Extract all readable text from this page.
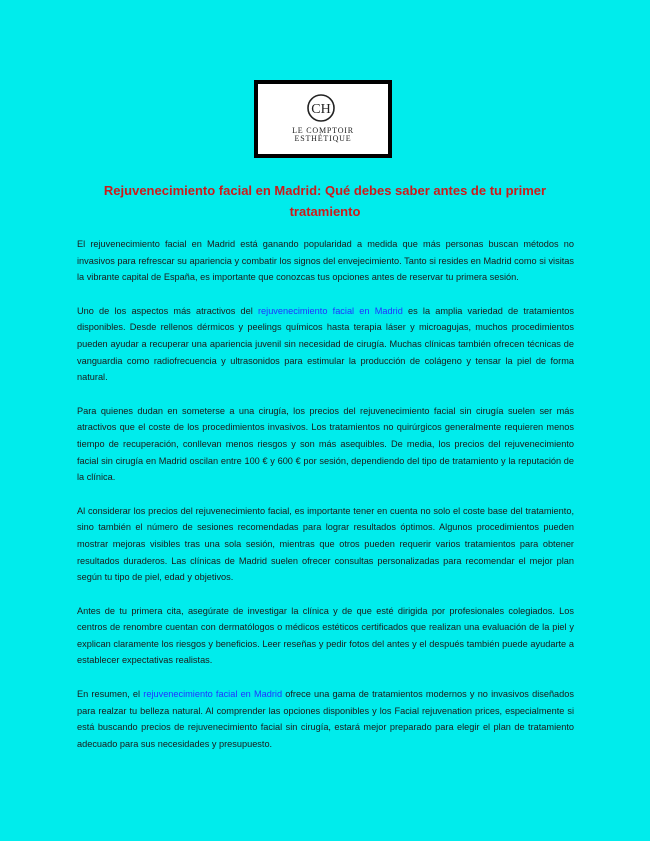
CH

LE COMPTOIR

ESTHÉTIQUE

Rejuvenecimiento facial en Madrid: Qué debes saber antes de tu primer tratamiento

El rejuvenecimiento facial en Madrid está ganando popularidad a medida que más personas buscan métodos no invasivos para refrescar su apariencia y combatir los signos del envejecimiento. Tanto si resides en Madrid como si visitas la vibrante capital de España, es importante que conozcas tus opciones antes de reservar tu primera sesión.

Uno de los aspectos más atractivos del rejuvenecimiento facial en Madrid es la amplia variedad de tratamientos disponibles. Desde rellenos dérmicos y peelings químicos hasta terapia láser y microagujas, muchos procedimientos pueden ayudar a recuperar una apariencia juvenil sin necesidad de cirugía. Muchas clínicas también ofrecen técnicas de vanguardia como radiofrecuencia y ultrasonidos para estimular la producción de colágeno y tensar la piel de forma natural.

Para quienes dudan en someterse a una cirugía, los precios del rejuvenecimiento facial sin cirugía suelen ser más atractivos que el coste de los procedimientos invasivos. Los tratamientos no quirúrgicos generalmente requieren menos tiempo de recuperación, conllevan menos riesgos y son más asequibles. De media, los precios del rejuvenecimiento facial sin cirugía en Madrid oscilan entre 100 € y 600 € por sesión, dependiendo del tipo de tratamiento y la reputación de la clínica.

Al considerar los precios del rejuvenecimiento facial, es importante tener en cuenta no solo el coste base del tratamiento, sino también el número de sesiones recomendadas para lograr resultados óptimos. Algunos procedimientos pueden mostrar mejoras visibles tras una sola sesión, mientras que otros pueden requerir varios tratamientos para obtener resultados duraderos. Las clínicas de Madrid suelen ofrecer consultas personalizadas para recomendar el mejor plan según tu tipo de piel, edad y objetivos.

Antes de tu primera cita, asegúrate de investigar la clínica y de que esté dirigida por profesionales colegiados. Los centros de renombre cuentan con dermatólogos o médicos estéticos certificados que realizan una evaluación de la piel y explican claramente los riesgos y beneficios. Leer reseñas y pedir fotos del antes y el después también puede ayudarte a establecer expectativas realistas.

En resumen, el rejuvenecimiento facial en Madrid ofrece una gama de tratamientos modernos y no invasivos diseñados para realzar tu belleza natural. Al comprender las opciones disponibles y los Facial rejuvenation prices, especialmente si está buscando precios de rejuvenecimiento facial sin cirugía, estará mejor preparado para elegir el plan de tratamiento adecuado para sus necesidades y presupuesto.
